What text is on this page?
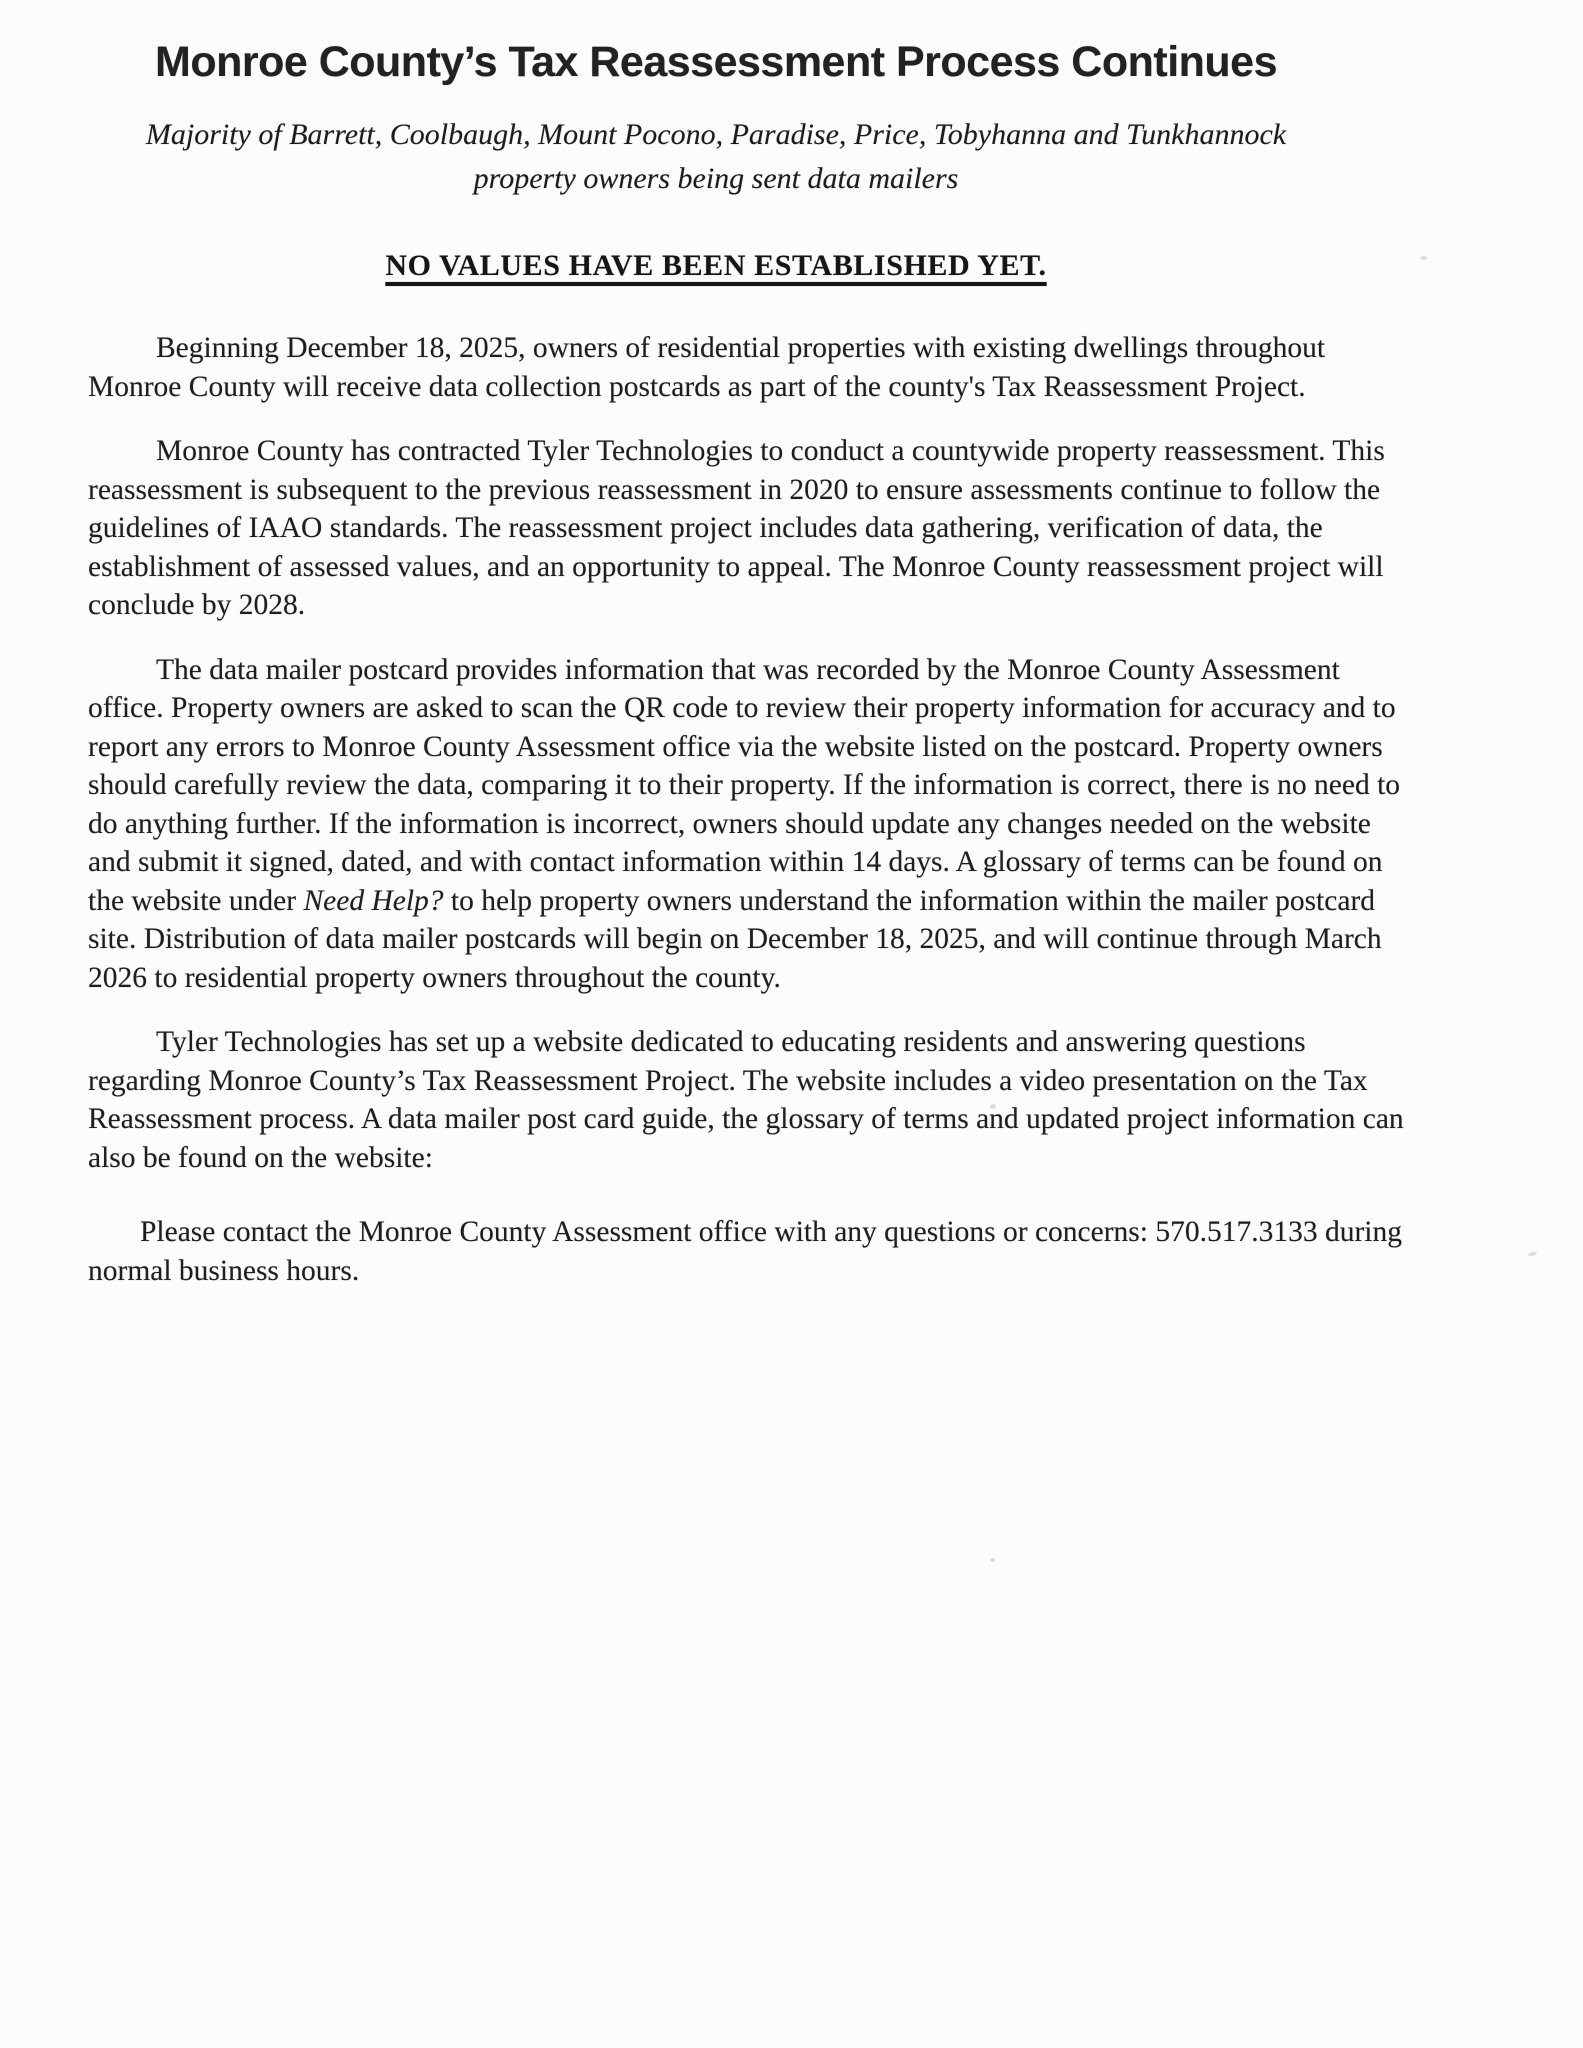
Monroe County’s Tax Reassessment Process Continues
Majority of Barrett, Coolbaugh, Mount Pocono, Paradise, Price, Tobyhanna and Tunkhannock
property owners being sent data mailers
NO VALUES HAVE BEEN ESTABLISHED YET.

Beginning December 18, 2025, owners of residential properties with existing dwellings throughout Monroe County will receive data collection postcards as part of the county's Tax Reassessment Project.

Monroe County has contracted Tyler Technologies to conduct a countywide property reassessment. This reassessment is subsequent to the previous reassessment in 2020 to ensure assessments continue to follow the guidelines of IAAO standards. The reassessment project includes data gathering, verification of data, the establishment of assessed values, and an opportunity to appeal. The Monroe County reassessment project will conclude by 2028.

The data mailer postcard provides information that was recorded by the Monroe County Assessment office. Property owners are asked to scan the QR code to review their property information for accuracy and to report any errors to Monroe County Assessment office via the website listed on the postcard. Property owners should carefully review the data, comparing it to their property. If the information is correct, there is no need to do anything further. If the information is incorrect, owners should update any changes needed on the website and submit it signed, dated, and with contact information within 14 days. A glossary of terms can be found on the website under Need Help? to help property owners understand the information within the mailer postcard site. Distribution of data mailer postcards will begin on December 18, 2025, and will continue through March 2026 to residential property owners throughout the county.

Tyler Technologies has set up a website dedicated to educating residents and answering questions regarding Monroe County’s Tax Reassessment Project. The website includes a video presentation on the Tax Reassessment process. A data mailer post card guide, the glossary of terms and updated project information can also be found on the website:

Please contact the Monroe County Assessment office with any questions or concerns: 570.517.3133 during normal business hours.
